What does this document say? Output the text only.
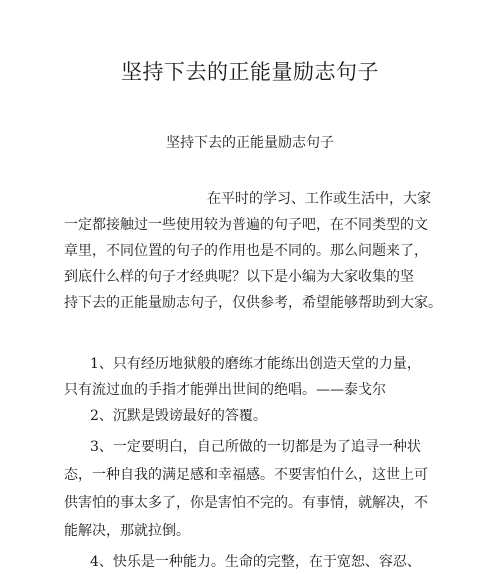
坚持下去的正能量励志句子
坚持下去的正能量励志句子

在平时的学习、工作或生活中，大家

一定都接触过一些使用较为普遍的句子吧，在不同类型的文

章里，不同位置的句子的作用也是不同的。那么问题来了，

到底什么样的句子才经典呢？以下是小编为大家收集的坚

持下去的正能量励志句子，仅供参考，希望能够帮助到大家。

1、只有经历地狱般的磨练才能练出创造天堂的力量，

只有流过血的手指才能弹出世间的绝唱。——泰戈尔

2、沉默是毁谤最好的答覆。

3、一定要明白，自己所做的一切都是为了追寻一种状

态，一种自我的满足感和幸福感。不要害怕什么，这世上可

供害怕的事太多了，你是害怕不完的。有事情，就解决，不

能解决，那就拉倒。

4、快乐是一种能力。生命的完整，在于宽恕、容忍、
